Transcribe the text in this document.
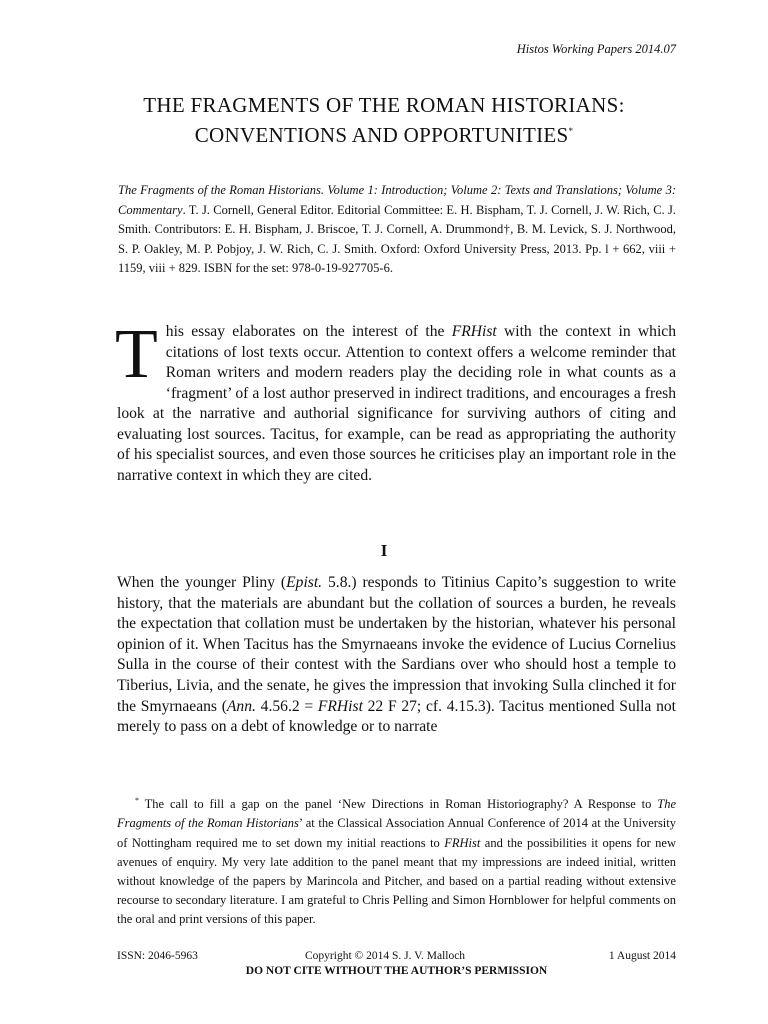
Histos Working Papers 2014.07
THE FRAGMENTS OF THE ROMAN HISTORIANS:
CONVENTIONS AND OPPORTUNITIES*
The Fragments of the Roman Historians. Volume 1: Introduction; Volume 2: Texts and Translations; Volume 3: Commentary. T. J. Cornell, General Editor. Editorial Committee: E. H. Bispham, T. J. Cornell, J. W. Rich, C. J. Smith. Contributors: E. H. Bispham, J. Briscoe, T. J. Cornell, A. Drummond†, B. M. Levick, S. J. Northwood, S. P. Oakley, M. P. Pobjoy, J. W. Rich, C. J. Smith. Oxford: Oxford University Press, 2013. Pp. l + 662, viii + 1159, viii + 829. ISBN for the set: 978-0-19-927705-6.
This essay elaborates on the interest of the FRHist with the context in which citations of lost texts occur. Attention to context offers a welcome reminder that Roman writers and modern readers play the deciding role in what counts as a ‘fragment’ of a lost author preserved in indirect traditions, and encourages a fresh look at the narrative and authorial significance for surviving authors of citing and evaluating lost sources. Tacitus, for example, can be read as appropriating the authority of his specialist sources, and even those sources he criticises play an important role in the narrative context in which they are cited.
I
When the younger Pliny (Epist. 5.8.) responds to Titinius Capito’s suggestion to write history, that the materials are abundant but the collation of sources a burden, he reveals the expectation that collation must be undertaken by the historian, whatever his personal opinion of it. When Tacitus has the Smyrnaeans invoke the evidence of Lucius Cornelius Sulla in the course of their contest with the Sardians over who should host a temple to Tiberius, Livia, and the senate, he gives the impression that invoking Sulla clinched it for the Smyrnaeans (Ann. 4.56.2 = FRHist 22 F 27; cf. 4.15.3). Tacitus mentioned Sulla not merely to pass on a debt of knowledge or to narrate
* The call to fill a gap on the panel ‘New Directions in Roman Historiography? A Response to The Fragments of the Roman Historians’ at the Classical Association Annual Conference of 2014 at the University of Nottingham required me to set down my initial reactions to FRHist and the possibilities it opens for new avenues of enquiry. My very late addition to the panel meant that my impressions are indeed initial, written without knowledge of the papers by Marincola and Pitcher, and based on a partial reading without extensive recourse to secondary literature. I am grateful to Chris Pelling and Simon Hornblower for helpful comments on the oral and print versions of this paper.
ISSN: 2046-5963	Copyright © 2014 S. J. V. Malloch	1 August 2014
DO NOT CITE WITHOUT THE AUTHOR’S PERMISSION
